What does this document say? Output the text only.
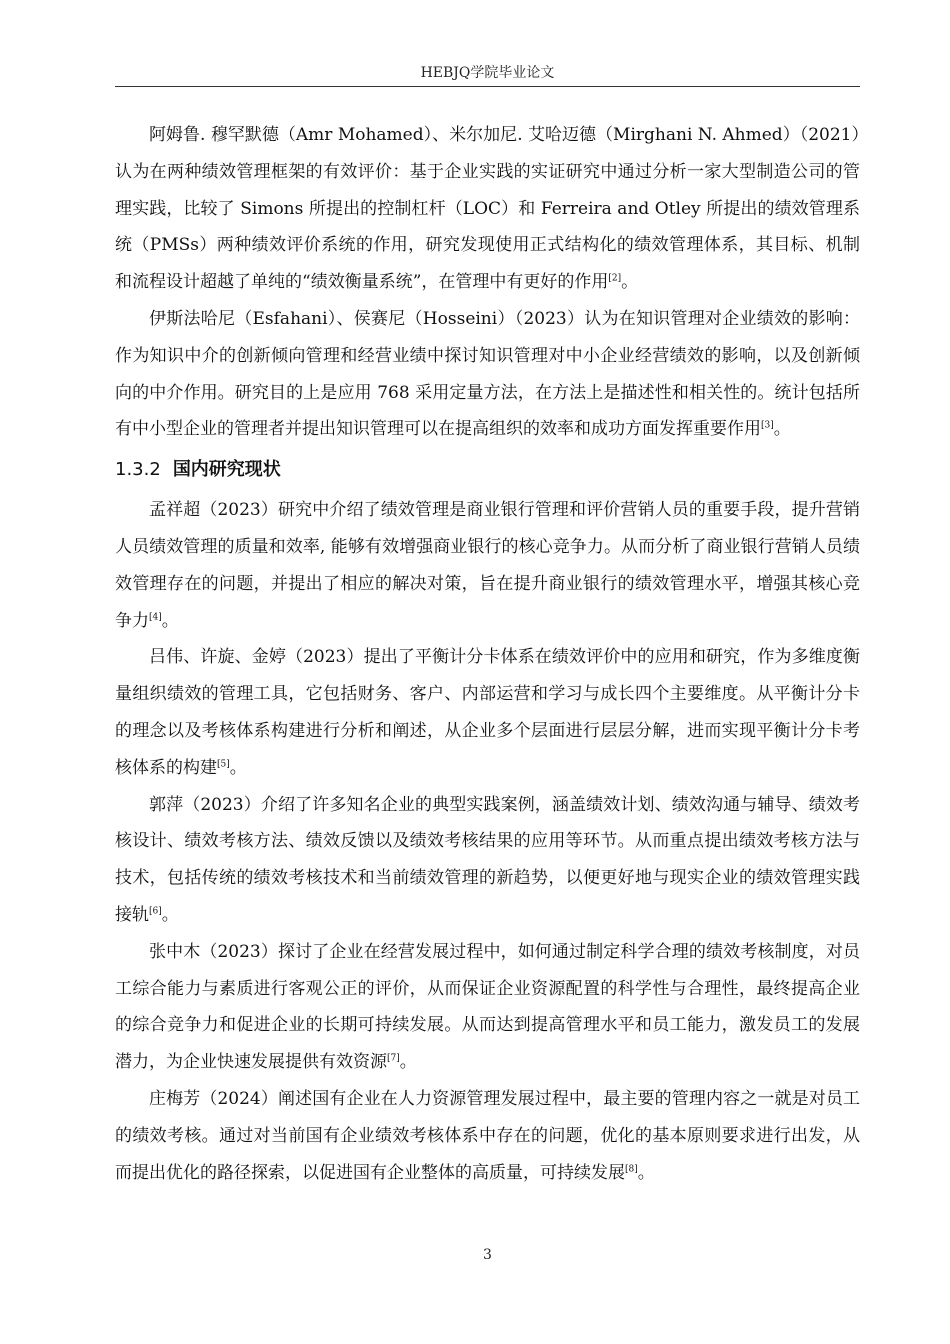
HEBJQ学院毕业论文

阿姆鲁. 穆罕默德（Amr Mohamed）、米尔加尼. 艾哈迈德（Mirghani N. Ahmed）（2021）认为在两种绩效管理框架的有效评价：基于企业实践的实证研究中通过分析一家大型制造公司的管理实践，比较了 Simons 所提出的控制杠杆（LOC）和 Ferreira and Otley 所提出的绩效管理系统（PMSs）两种绩效评价系统的作用，研究发现使用正式结构化的绩效管理体系，其目标、机制和流程设计超越了单纯的“绩效衡量系统”，在管理中有更好的作用[2]。

伊斯法哈尼（Esfahani）、侯赛尼（Hosseini）（2023）认为在知识管理对企业绩效的影响：作为知识中介的创新倾向管理和经营业绩中探讨知识管理对中小企业经营绩效的影响，以及创新倾向的中介作用。研究目的上是应用 768 采用定量方法，在方法上是描述性和相关性的。统计包括所有中小型企业的管理者并提出知识管理可以在提高组织的效率和成功方面发挥重要作用[3]。

1.3.2 国内研究现状

孟祥超（2023）研究中介绍了绩效管理是商业银行管理和评价营销人员的重要手段，提升营销人员绩效管理的质量和效率, 能够有效增强商业银行的核心竞争力。从而分析了商业银行营销人员绩效管理存在的问题，并提出了相应的解决对策，旨在提升商业银行的绩效管理水平，增强其核心竞争力[4]。

吕伟、许旋、金婷（2023）提出了平衡计分卡体系在绩效评价中的应用和研究，作为多维度衡量组织绩效的管理工具，它包括财务、客户、内部运营和学习与成长四个主要维度。从平衡计分卡的理念以及考核体系构建进行分析和阐述，从企业多个层面进行层层分解，进而实现平衡计分卡考核体系的构建[5]。

郭萍（2023）介绍了许多知名企业的典型实践案例，涵盖绩效计划、绩效沟通与辅导、绩效考核设计、绩效考核方法、绩效反馈以及绩效考核结果的应用等环节。从而重点提出绩效考核方法与技术，包括传统的绩效考核技术和当前绩效管理的新趋势，以便更好地与现实企业的绩效管理实践接轨[6]。

张中木（2023）探讨了企业在经营发展过程中，如何通过制定科学合理的绩效考核制度，对员工综合能力与素质进行客观公正的评价，从而保证企业资源配置的科学性与合理性，最终提高企业的综合竞争力和促进企业的长期可持续发展。从而达到提高管理水平和员工能力，激发员工的发展潜力，为企业快速发展提供有效资源[7]。

庄梅芳（2024）阐述国有企业在人力资源管理发展过程中，最主要的管理内容之一就是对员工的绩效考核。通过对当前国有企业绩效考核体系中存在的问题，优化的基本原则要求进行出发，从而提出优化的路径探索，以促进国有企业整体的高质量，可持续发展[8]。

3
